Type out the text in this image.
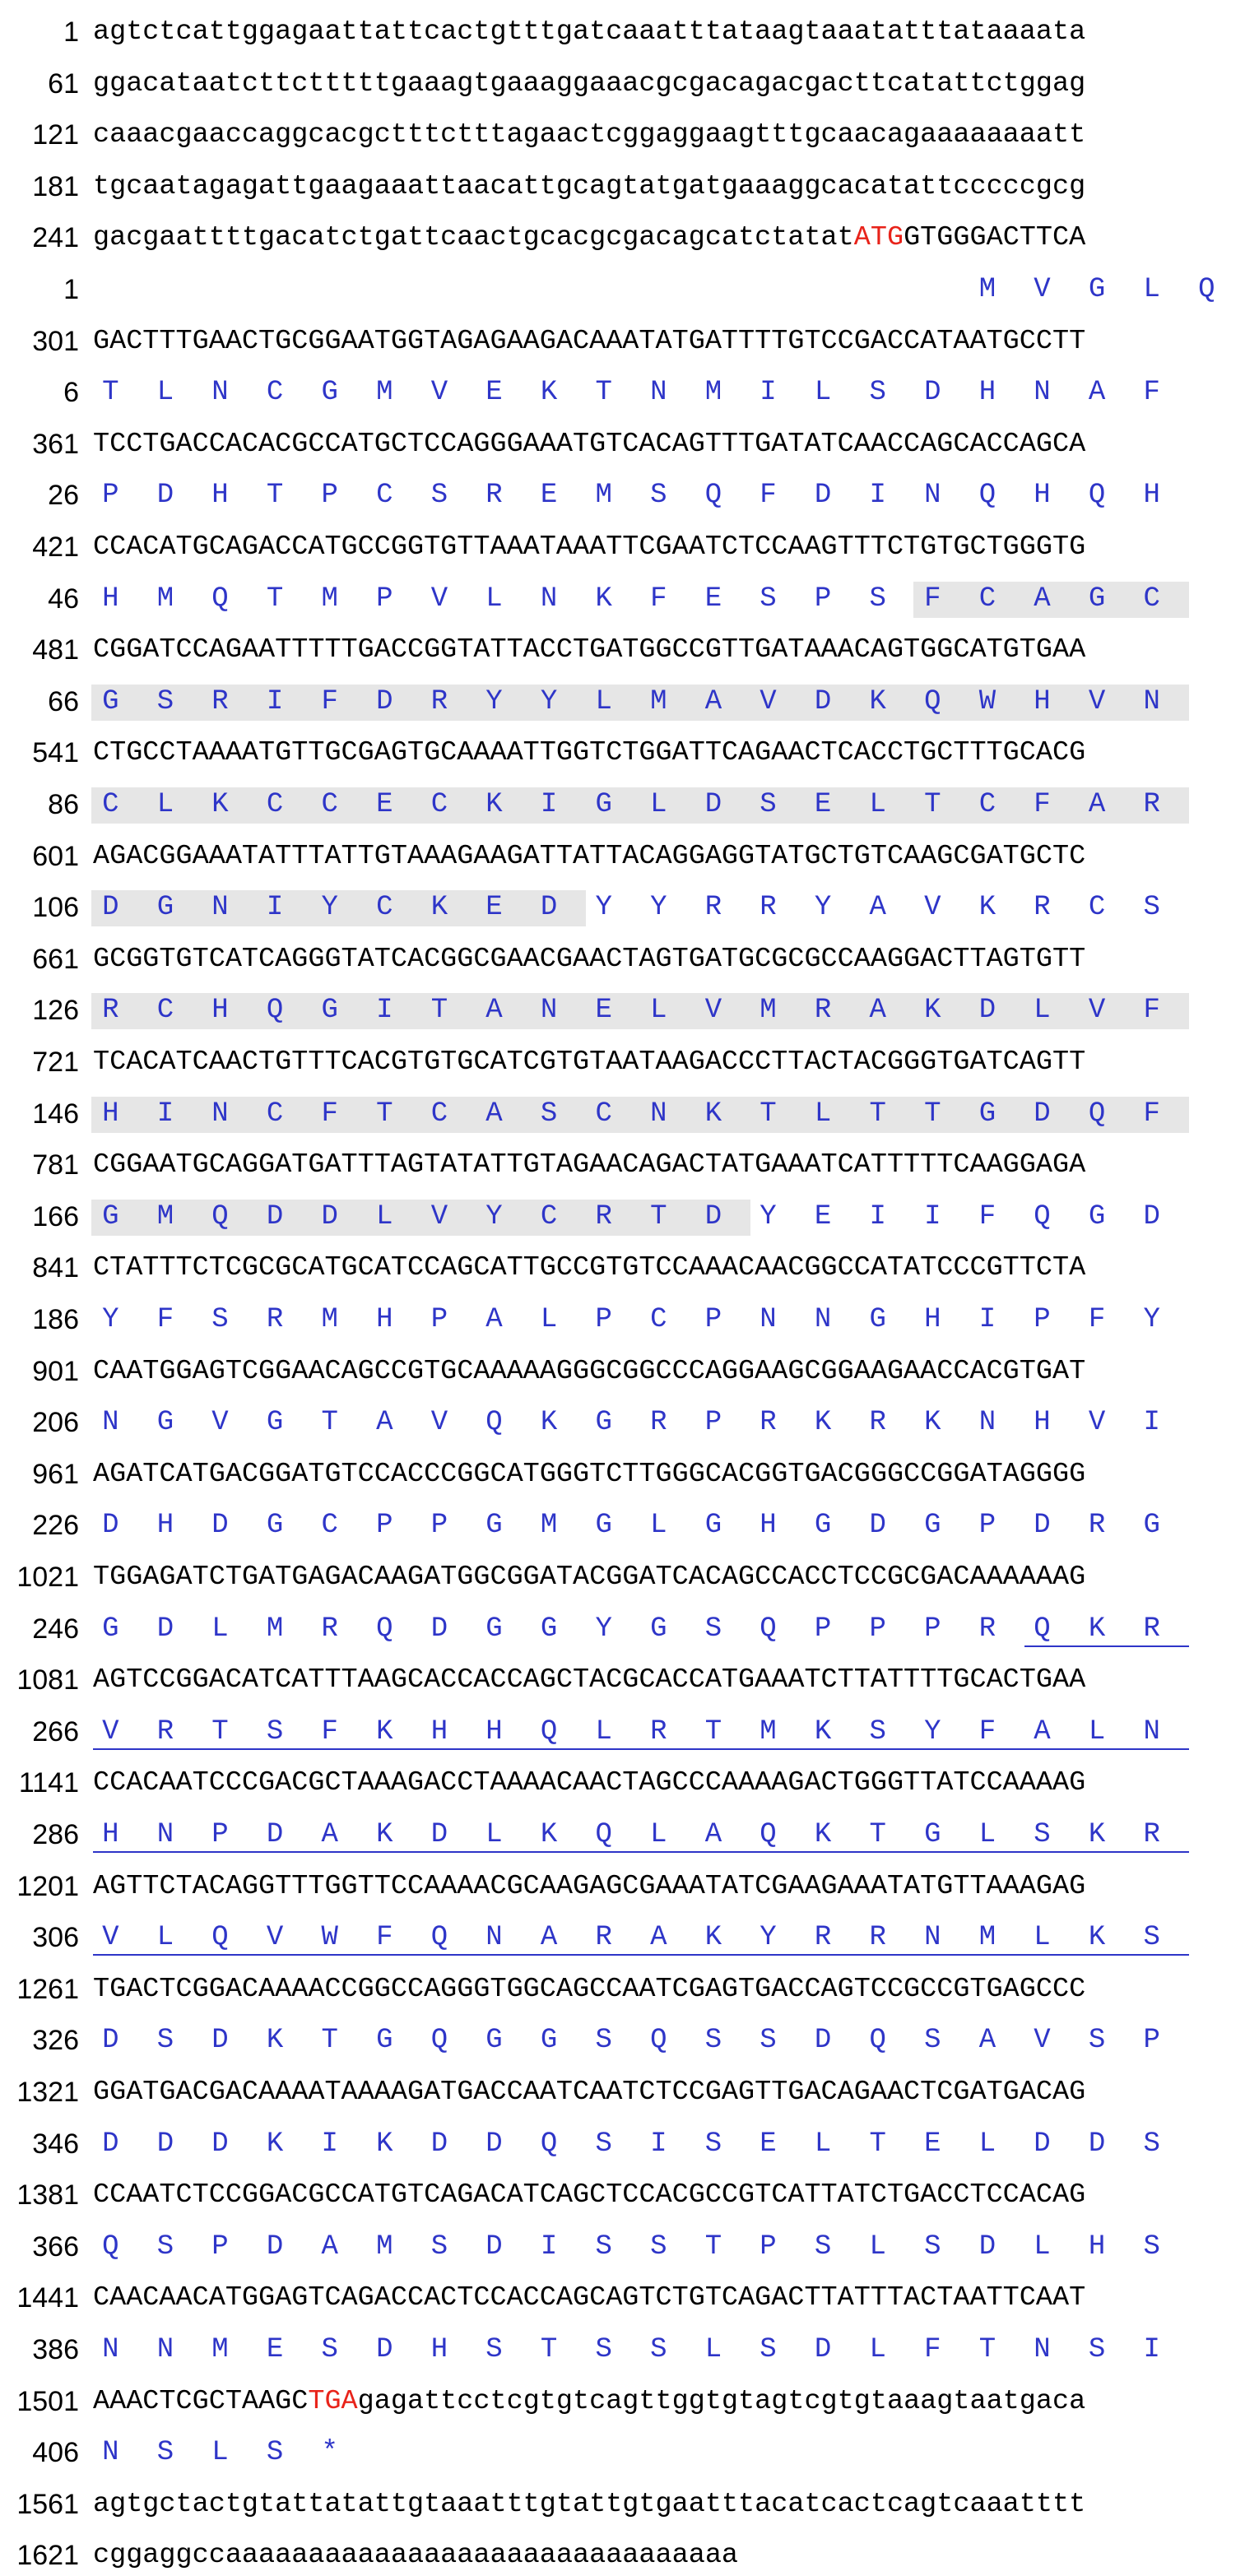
1 agtctcattggagaattattcactgtttgatcaaatttataagtaaatatttataaaata
61 ggacataatcttctttttgaaagtgaaaggaaacgcgacagacgacttcatattctggag
121 caaacgaaccaggcacgctttctttagaactcggaggaagtttgcaacagaaaaaaaatt
181 tgcaatagagattgaagaaattaacattgcagtatgatgaaaggcacatattcccccgcg
241 gacgaattttgacatctgattcaactgcacgcgacagcatctatatATGGTGGGACTTCA
1	M	V	G	L	Q
301 GACTTTGAACTGCGGAATGGTAGAGAAGACAAATATGATTTTGTCCGACCATAATGCCTT
6 T	L	N	C	G	M	V	E	K	T	N	M	I	L	S	D	H	N	A	F
361 TCCTGACCACACGCCATGCTCCAGGGAAATGTCACAGTTTGATATCAACCAGCACCAGCA
26 P	D	H	T	P	C	S	R	E	M	S	Q	F	D	I	N	Q	H	Q	H
421 CCACATGCAGACCATGCCGGTGTTAAATAAATTCGAATCTCCAAGTTTCTGTGCTGGGTG
46 H	M	Q	T	M	P	V	L	N	K	F	E	S	P	S	F	C	A	G	C
481 CGGATCCAGAATTTTTGACCGGTATTACCTGATGGCCGTTGATAAACAGTGGCATGTGAA
66 G	S	R	I	F	D	R	Y	Y	L	M	A	V	D	K	Q	W	H	V	N
541 CTGCCTAAAATGTTGCGAGTGCAAAATTGGTCTGGATTCAGAACTCACCTGCTTTGCACG
86 C	L	K	C	C	E	C	K	I	G	L	D	S	E	L	T	C	F	A	R
601 AGACGGAAATATTTATTGTAAAGAAGATTATTACAGGAGGTATGCTGTCAAGCGATGCTC
106 D	G	N	I	Y	C	K	E	D	Y	Y	R	R	Y	A	V	K	R	C	S
661 GCGGTGTCATCAGGGTATCACGGCGAACGAACTAGTGATGCGCGCCAAGGACTTAGTGTT
126 R	C	H	Q	G	I	T	A	N	E	L	V	M	R	A	K	D	L	V	F
721 TCACATCAACTGTTTCACGTGTGCATCGTGTAATAAGACCCTTACTACGGGTGATCAGTT
146 H	I	N	C	F	T	C	A	S	C	N	K	T	L	T	T	G	D	Q	F
781 CGGAATGCAGGATGATTTAGTATATTGTAGAACAGACTATGAAATCATTTTTCAAGGAGA
166 G	M	Q	D	D	L	V	Y	C	R	T	D	Y	E	I	I	F	Q	G	D
841 CTATTTCTCGCGCATGCATCCAGCATTGCCGTGTCCAAACAACGGCCATATCCCGTTCTA
186 Y	F	S	R	M	H	P	A	L	P	C	P	N	N	G	H	I	P	F	Y
901 CAATGGAGTCGGAACAGCCGTGCAAAAAGGGCGGCCCAGGAAGCGGAAGAACCACGTGAT
206 N	G	V	G	T	A	V	Q	K	G	R	P	R	K	R	K	N	H	V	I
961 AGATCATGACGGATGTCCACCCGGCATGGGTCTTGGGCACGGTGACGGGCCGGATAGGGG
226 D	H	D	G	C	P	P	G	M	G	L	G	H	G	D	G	P	D	R	G
1021 TGGAGATCTGATGAGACAAGATGGCGGATACGGATCACAGCCACCTCCGCGACAAAAAAG
246 G	D	L	M	R	Q	D	G	G	Y	G	S	Q	P	P	P	R	Q	K	R
1081 AGTCCGGACATCATTTAAGCACCACCAGCTACGCACCATGAAATCTTATTTTGCACTGAA
266 V	R	T	S	F	K	H	H	Q	L	R	T	M	K	S	Y	F	A	L	N
1141 CCACAATCCCGACGCTAAAGACCTAAAACAACTAGCCCAAAAGACTGGGTTATCCAAAAG
286 H	N	P	D	A	K	D	L	K	Q	L	A	Q	K	T	G	L	S	K	R
1201 AGTTCTACAGGTTTGGTTCCAAAACGCAAGAGCGAAATATCGAAGAAATATGTTAAAGAG
306 V	L	Q	V	W	F	Q	N	A	R	A	K	Y	R	R	N	M	L	K	S
1261 TGACTCGGACAAAACCGGCCAGGGTGGCAGCCAATCGAGTGACCAGTCCGCCGTGAGCCC
326 D	S	D	K	T	G	Q	G	G	S	Q	S	S	D	Q	S	A	V	S	P
1321 GGATGACGACAAAATAAAAGATGACCAATCAATCTCCGAGTTGACAGAACTCGATGACAG
346 D	D	D	K	I	K	D	D	Q	S	I	S	E	L	T	E	L	D	D	S
1381 CCAATCTCCGGACGCCATGTCAGACATCAGCTCCACGCCGTCATTATCTGACCTCCACAG
366 Q	S	P	D	A	M	S	D	I	S	S	T	P	S	L	S	D	L	H	S
1441 CAACAACATGGAGTCAGACCACTCCACCAGCAGTCTGTCAGACTTATTTACTAATTCAAT
386 N	N	M	E	S	D	H	S	T	S	S	L	S	D	L	F	T	N	S	I
1501 AAACTCGCTAAGCTGAgagattcctcgtgtcagttggtgtagtcgtgtaaagtaatgaca
406 N	S	L	S	*
1561 agtgctactgtattatattgtaaatttgtattgtgaatttacatcactcagtcaaatttt
1621 cggaggccaaaaaaaaaaaaaaaaaaaaaaaaaaaaaaa
